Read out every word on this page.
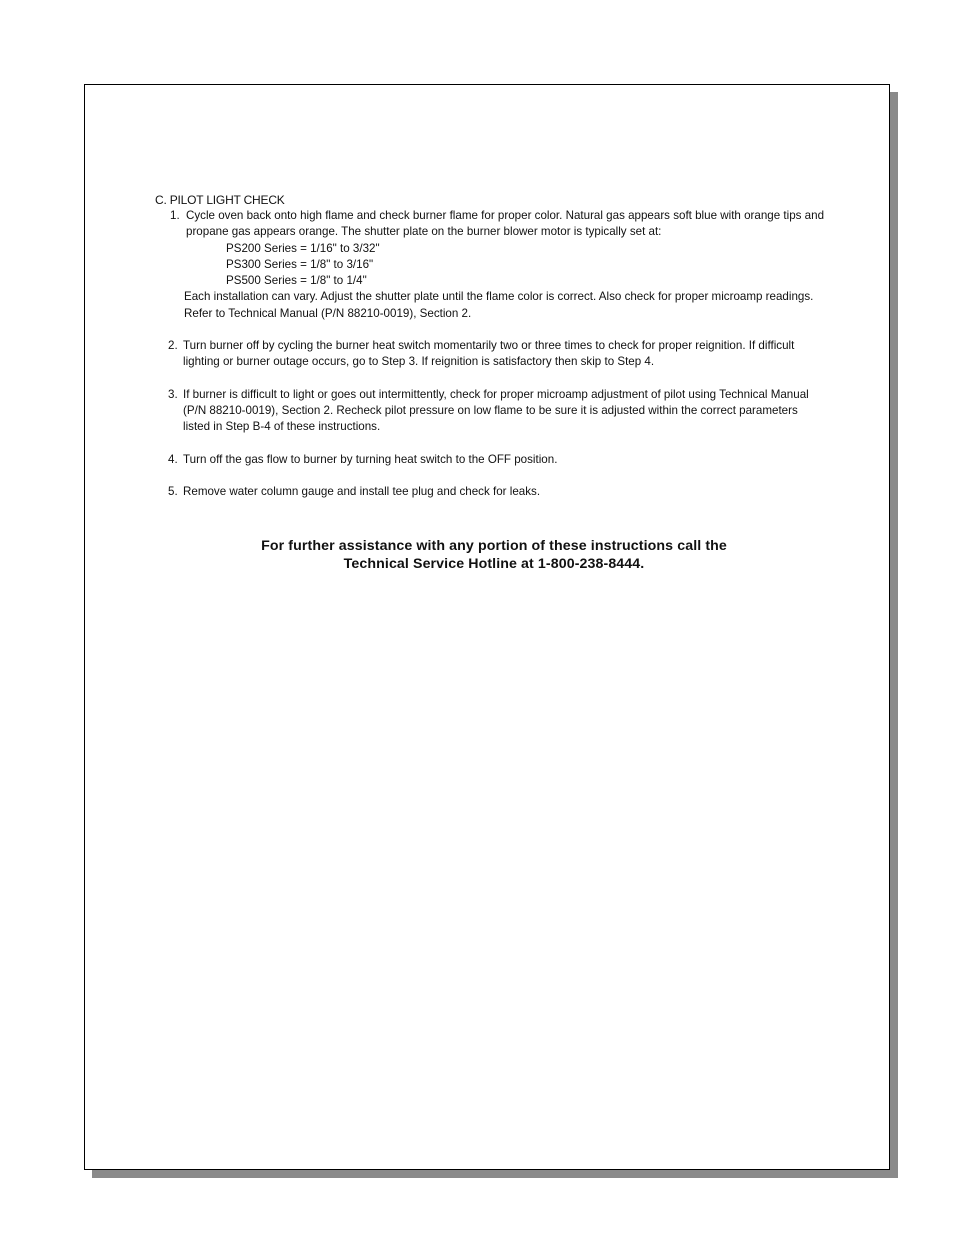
C. PILOT LIGHT CHECK
1. Cycle oven back onto high flame and check burner flame for proper color. Natural gas appears soft blue with orange tips and propane gas appears orange. The shutter plate on the burner blower motor is typically set at:

PS200 Series = 1/16" to 3/32"
PS300 Series = 1/8" to 3/16"
PS500 Series = 1/8" to 1/4"

Each installation can vary. Adjust the shutter plate until the flame color is correct. Also check for proper microamp readings. Refer to Technical Manual (P/N 88210-0019), Section 2.

2. Turn burner off by cycling the burner heat switch momentarily two or three times to check for proper reignition. If difficult lighting or burner outage occurs, go to Step 3. If reignition is satisfactory then skip to Step 4.

3. If burner is difficult to light or goes out intermittently, check for proper microamp adjustment of pilot using Technical Manual (P/N 88210-0019), Section 2. Recheck pilot pressure on low flame to be sure it is adjusted within the correct parameters listed in Step B-4 of these instructions.

4. Turn off the gas flow to burner by turning heat switch to the OFF position.

5. Remove water column gauge and install tee plug and check for leaks.

For further assistance with any portion of these instructions call the

Technical Service Hotline at 1-800-238-8444.
